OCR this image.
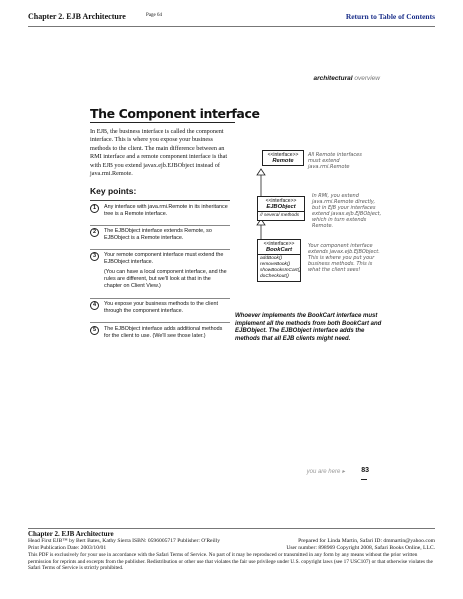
Chapter 2. EJB Architecture	Page 64	Return to Table of Contents
architectural overview
The Component interface
In EJB, the business interface is called the component interface. This is where you expose your business methods to the client. The main difference between an RMI interface and a remote component interface is that with EJB you extend javax.ejb.EJBObject instead of java.rmi.Remote.
Key points:
1	Any interface with java.rmi.Remote in its inheritance tree is a Remote interface.
2	The EJBObject interface extends Remote, so EJBObject is a Remote interface.
3	Your remote component interface must extend the EJBObject interface.
(You can have a local component interface, and the rules are different, but we'll look at that in the chapter on Client View.)
4	You expose your business methods to the client through the component interface.
5	The EJBObject interface adds additional methods for the client to use. (We'll see those later.)
<<interface>>
Remote
<<interface>>
EJBObject
// several methods
<<interface>>
BookCart
addBook()
removeBook()
showBooksInCart()
doCheckout()
All Remote interfaces must extend java.rmi.Remote
In RMI, you extend java.rmi.Remote directly, but in EJB your interfaces extend javax.ejb.EJBObject, which in turn extends Remote.
Your component interface extends javax.ejb.EJBObject. This is where you put your business methods. This is what the client sees!
Whoever implements the BookCart interface must implement all the methods from both BookCart and EJBObject. The EJBObject interface adds the methods that all EJB clients might need.
you are here ▸ 83
Chapter 2. EJB Architecture
Head First EJB™ by Bert Bates, Kathy Sierra ISBN: 0596005717 Publisher: O'Reilly	Prepared for Linda Martin, Safari ID: dmmartin@yahoo.com
Print Publication Date: 2003/10/01	User number: 898969 Copyright 2008, Safari Books Online, LLC.
This PDF is exclusively for your use in accordance with the Safari Terms of Service. No part of it may be reproduced or transmitted in any form by any means without the prior written permission for reprints and excerpts from the publisher. Redistribution or other use that violates the fair use privilege under U.S. copyright laws (see 17 USC107) or that otherwise violates the Safari Terms of Service is strictly prohibited.
